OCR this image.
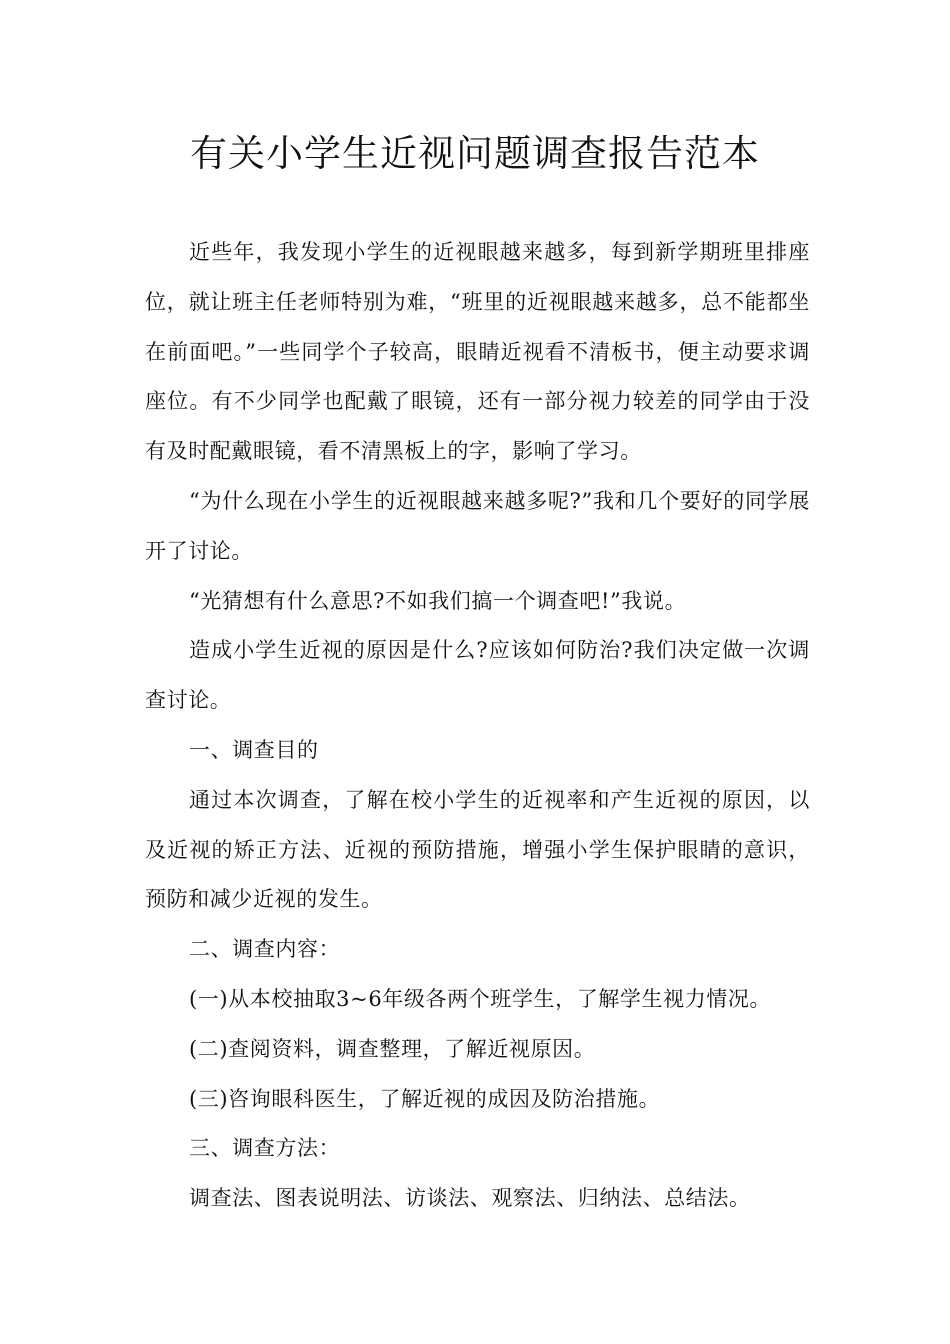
有关小学生近视问题调查报告范本

近些年，我发现小学生的近视眼越来越多，每到新学期班里排座位，就让班主任老师特别为难，“班里的近视眼越来越多，总不能都坐在前面吧。”一些同学个子较高，眼睛近视看不清板书，便主动要求调座位。有不少同学也配戴了眼镜，还有一部分视力较差的同学由于没有及时配戴眼镜，看不清黑板上的字，影响了学习。

“为什么现在小学生的近视眼越来越多呢?”我和几个要好的同学展开了讨论。

“光猜想有什么意思?不如我们搞一个调查吧!”我说。

造成小学生近视的原因是什么?应该如何防治?我们决定做一次调查讨论。

一、调查目的

通过本次调查，了解在校小学生的近视率和产生近视的原因，以及近视的矫正方法、近视的预防措施，增强小学生保护眼睛的意识，预防和减少近视的发生。

二、调查内容：

(一)从本校抽取3~6年级各两个班学生，了解学生视力情况。

(二)查阅资料，调查整理，了解近视原因。

(三)咨询眼科医生，了解近视的成因及防治措施。

三、调查方法：

调查法、图表说明法、访谈法、观察法、归纳法、总结法。
